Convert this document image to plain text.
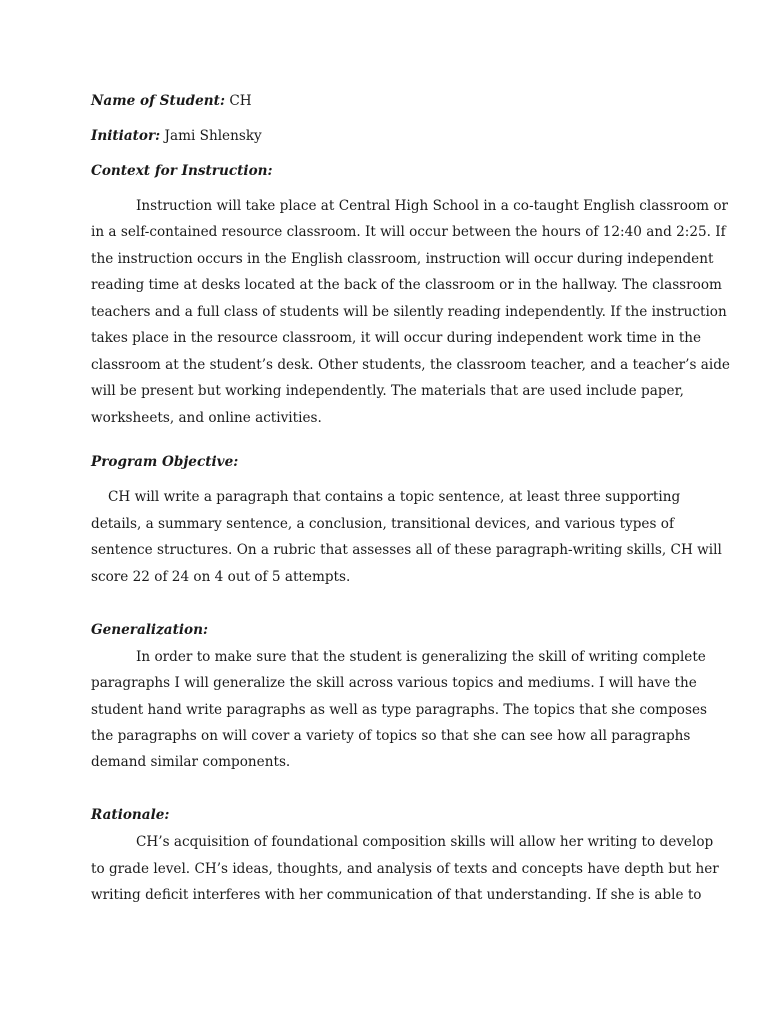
Name of Student: CH
Initiator: Jami Shlensky
Context for Instruction:
Instruction will take place at Central High School in a co-taught English classroom or
in a self-contained resource classroom. It will occur between the hours of 12:40 and 2:25. If
the instruction occurs in the English classroom, instruction will occur during independent
reading time at desks located at the back of the classroom or in the hallway. The classroom
teachers and a full class of students will be silently reading independently. If the instruction
takes place in the resource classroom, it will occur during independent work time in the
classroom at the student’s desk. Other students, the classroom teacher, and a teacher’s aide
will be present but working independently. The materials that are used include paper,
worksheets, and online activities.
Program Objective:
CH will write a paragraph that contains a topic sentence, at least three supporting
details, a summary sentence, a conclusion, transitional devices, and various types of
sentence structures. On a rubric that assesses all of these paragraph-writing skills, CH will
score 22 of 24 on 4 out of 5 attempts.
Generalization:
In order to make sure that the student is generalizing the skill of writing complete
paragraphs I will generalize the skill across various topics and mediums. I will have the
student hand write paragraphs as well as type paragraphs. The topics that she composes
the paragraphs on will cover a variety of topics so that she can see how all paragraphs
demand similar components.
Rationale:
CH’s acquisition of foundational composition skills will allow her writing to develop
to grade level. CH’s ideas, thoughts, and analysis of texts and concepts have depth but her
writing deficit interferes with her communication of that understanding. If she is able to
